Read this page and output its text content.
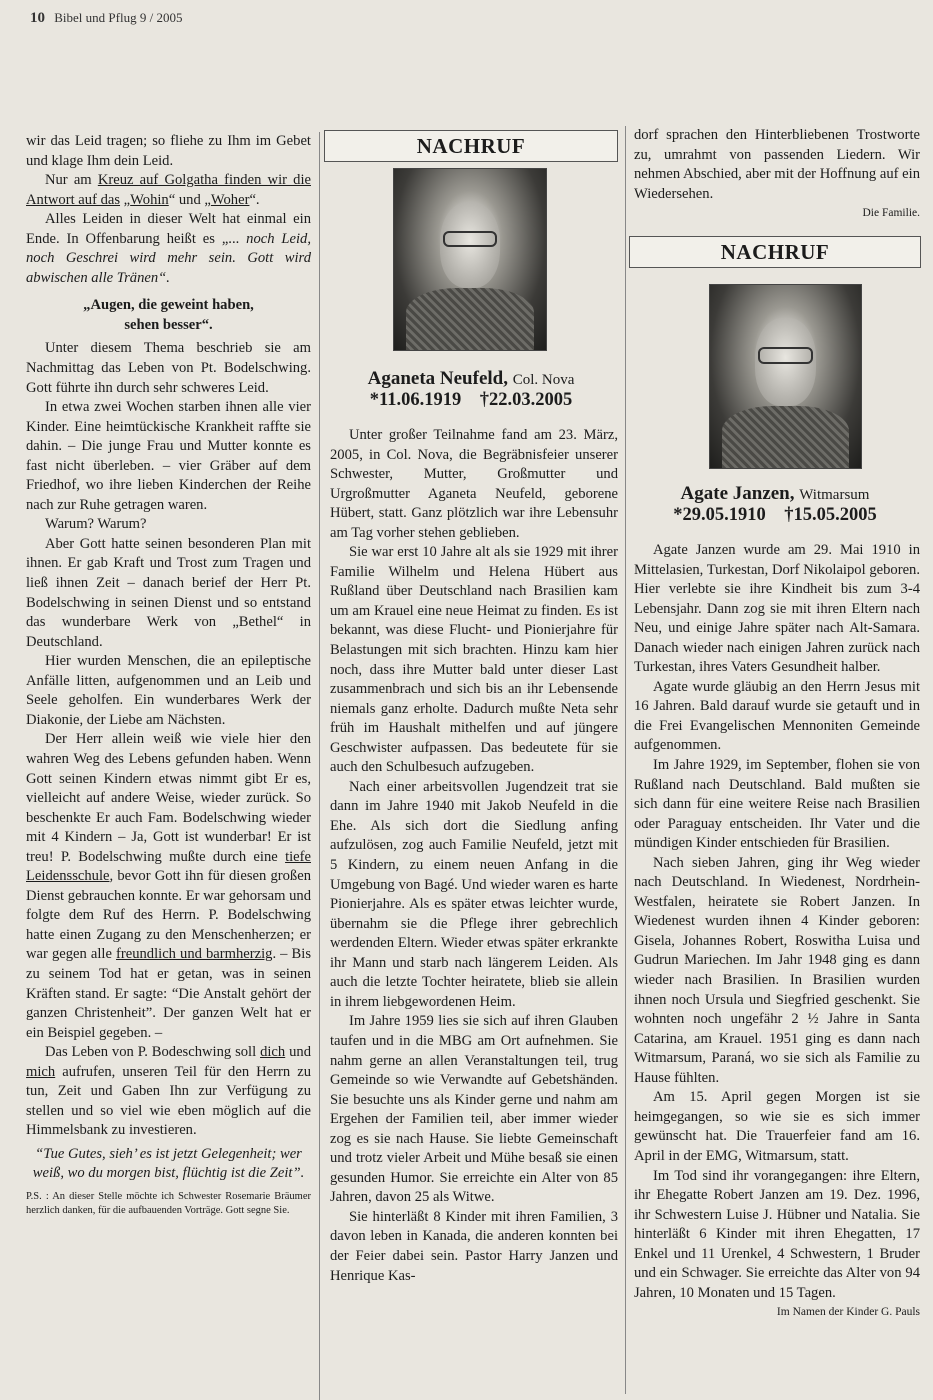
10 Bibel und Pflug 9 / 2005

wir das Leid tragen; so fliehe zu Ihm im Gebet und klage Ihm dein Leid.

Nur am Kreuz auf Golgatha finden wir die Antwort auf das „Wohin“ und „Woher“.

Alles Leiden in dieser Welt hat einmal ein Ende. In Offenbarung heißt es „... noch Leid, noch Geschrei wird mehr sein. Gott wird abwischen alle Tränen“.

„Augen, die geweint haben,
sehen besser“.

Unter diesem Thema beschrieb sie am Nachmittag das Leben von Pt. Bodelschwing. Gott führte ihn durch sehr schweres Leid.

In etwa zwei Wochen starben ihnen alle vier Kinder. Eine heimtückische Krankheit raffte sie dahin. – Die junge Frau und Mutter konnte es fast nicht überleben. – vier Gräber auf dem Friedhof, wo ihre lieben Kinderchen der Reihe nach zur Ruhe getragen waren.

Warum? Warum?

Aber Gott hatte seinen besonderen Plan mit ihnen. Er gab Kraft und Trost zum Tragen und ließ ihnen Zeit – danach berief der Herr Pt. Bodelschwing in seinen Dienst und so entstand das wunderbare Werk von „Bethel“ in Deutschland.

Hier wurden Menschen, die an epileptische Anfälle litten, aufgenommen und an Leib und Seele geholfen. Ein wunderbares Werk der Diakonie, der Liebe am Nächsten.

Der Herr allein weiß wie viele hier den wahren Weg des Lebens gefunden haben. Wenn Gott seinen Kindern etwas nimmt gibt Er es, vielleicht auf andere Weise, wieder zurück. So beschenkte Er auch Fam. Bodelschwing wieder mit 4 Kindern – Ja, Gott ist wunderbar! Er ist treu! P. Bodelschwing mußte durch eine tiefe Leidensschule, bevor Gott ihn für diesen großen Dienst gebrauchen konnte. Er war gehorsam und folgte dem Ruf des Herrn. P. Bodelschwing hatte einen Zugang zu den Menschenherzen; er war gegen alle freundlich und barmherzig. – Bis zu seinem Tod hat er getan, was in seinen Kräften stand. Er sagte: “Die Anstalt gehört der ganzen Christenheit”. Der ganzen Welt hat er ein Beispiel gegeben. –

Das Leben von P. Bodeschwing soll dich und mich aufrufen, unseren Teil für den Herrn zu tun, Zeit und Gaben Ihn zur Verfügung zu stellen und so viel wie eben möglich auf die Himmelsbank zu investieren.

“Tue Gutes, sieh’ es ist jetzt Gelegenheit; wer weiß, wo du morgen bist, flüchtig ist die Zeit”.

P.S. : An dieser Stelle möchte ich Schwester Rosemarie Bräumer herzlich danken, für die aufbauenden Vorträge. Gott segne Sie.

NACHRUF
Aganeta Neufeld, Col. Nova
*11.06.1919 †22.03.2005

Unter großer Teilnahme fand am 23. März, 2005, in Col. Nova, die Begräbnisfeier unserer Schwester, Mutter, Großmutter und Urgroßmutter Aganeta Neufeld, geborene Hübert, statt. Ganz plötzlich war ihre Lebensuhr am Tag vorher stehen geblieben.

Sie war erst 10 Jahre alt als sie 1929 mit ihrer Familie Wilhelm und Helena Hübert aus Rußland über Deutschland nach Brasilien kam um am Krauel eine neue Heimat zu finden. Es ist bekannt, was diese Flucht- und Pionierjahre für Belastungen mit sich brachten. Hinzu kam hier noch, dass ihre Mutter bald unter dieser Last zusammenbrach und sich bis an ihr Lebensende niemals ganz erholte. Dadurch mußte Neta sehr früh im Haushalt mithelfen und auf jüngere Geschwister aufpassen. Das bedeutete für sie auch den Schulbesuch aufzugeben.

Nach einer arbeitsvollen Jugendzeit trat sie dann im Jahre 1940 mit Jakob Neufeld in die Ehe. Als sich dort die Siedlung anfing aufzulösen, zog auch Familie Neufeld, jetzt mit 5 Kindern, zu einem neuen Anfang in die Umgebung von Bagé. Und wieder waren es harte Pionierjahre. Als es später etwas leichter wurde, übernahm sie die Pflege ihrer gebrechlich werdenden Eltern. Wieder etwas später erkrankte ihr Mann und starb nach längerem Leiden. Als auch die letzte Tochter heiratete, blieb sie allein in ihrem liebgewordenen Heim.

Im Jahre 1959 lies sie sich auf ihren Glauben taufen und in die MBG am Ort aufnehmen. Sie nahm gerne an allen Veranstaltungen teil, trug Gemeinde so wie Verwandte auf Gebetshänden. Sie besuchte uns als Kinder gerne und nahm am Ergehen der Familien teil, aber immer wieder zog es sie nach Hause. Sie liebte Gemeinschaft und trotz vieler Arbeit und Mühe besaß sie einen gesunden Humor. Sie erreichte ein Alter von 85 Jahren, davon 25 als Witwe.

Sie hinterläßt 8 Kinder mit ihren Familien, 3 davon leben in Kanada, die anderen konnten bei der Feier dabei sein. Pastor Harry Janzen und Henrique Kas-

dorf sprachen den Hinterbliebenen Trostworte zu, umrahmt von passenden Liedern. Wir nehmen Abschied, aber mit der Hoffnung auf ein Wiedersehen.

Die Familie.

NACHRUF
Agate Janzen, Witmarsum
*29.05.1910 †15.05.2005

Agate Janzen wurde am 29. Mai 1910 in Mittelasien, Turkestan, Dorf Nikolaipol geboren. Hier verlebte sie ihre Kindheit bis zum 3-4 Lebensjahr. Dann zog sie mit ihren Eltern nach Neu, und einige Jahre später nach Alt-Samara. Danach wieder nach einigen Jahren zurück nach Turkestan, ihres Vaters Gesundheit halber.

Agate wurde gläubig an den Herrn Jesus mit 16 Jahren. Bald darauf wurde sie getauft und in die Frei Evangelischen Mennoniten Gemeinde aufgenommen.

Im Jahre 1929, im September, flohen sie von Rußland nach Deutschland. Bald mußten sie sich dann für eine weitere Reise nach Brasilien oder Paraguay entscheiden. Ihr Vater und die mündigen Kinder entschieden für Brasilien.

Nach sieben Jahren, ging ihr Weg wieder nach Deutschland. In Wiedenest, Nordrhein-Westfalen, heiratete sie Robert Janzen. In Wiedenest wurden ihnen 4 Kinder geboren: Gisela, Johannes Robert, Roswitha Luisa und Gudrun Mariechen. Im Jahr 1948 ging es dann wieder nach Brasilien. In Brasilien wurden ihnen noch Ursula und Siegfried geschenkt. Sie wohnten noch ungefähr 2 ½ Jahre in Santa Catarina, am Krauel. 1951 ging es dann nach Witmarsum, Paraná, wo sie sich als Familie zu Hause fühlten.

Am 15. April gegen Morgen ist sie heimgegangen, so wie sie es sich immer gewünscht hat. Die Trauerfeier fand am 16. April in der EMG, Witmarsum, statt.

Im Tod sind ihr vorangegangen: ihre Eltern, ihr Ehegatte Robert Janzen am 19. Dez. 1996, ihr Schwestern Luise J. Hübner und Natalia. Sie hinterläßt 6 Kinder mit ihren Ehegatten, 17 Enkel und 11 Urenkel, 4 Schwestern, 1 Bruder und ein Schwager. Sie erreichte das Alter von 94 Jahren, 10 Monaten und 15 Tagen.

Im Namen der Kinder G. Pauls
